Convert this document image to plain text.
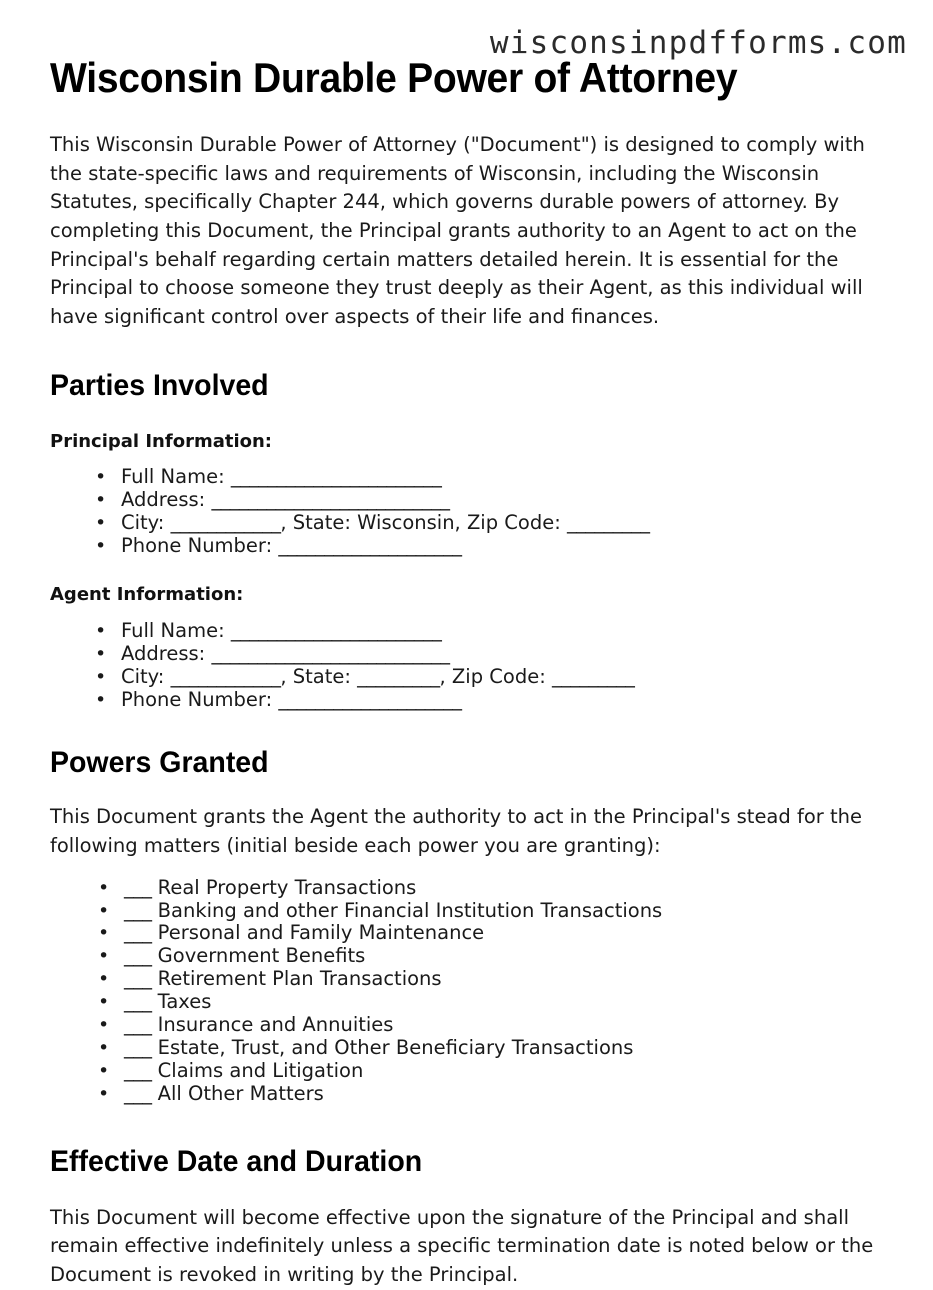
wisconsinpdfforms.com
Wisconsin Durable Power of Attorney

This Wisconsin Durable Power of Attorney ("Document") is designed to comply with the state-specific laws and requirements of Wisconsin, including the Wisconsin Statutes, specifically Chapter 244, which governs durable powers of attorney. By completing this Document, the Principal grants authority to an Agent to act on the Principal's behalf regarding certain matters detailed herein. It is essential for the Principal to choose someone they trust deeply as their Agent, as this individual will have significant control over aspects of their life and finances.

Parties Involved
Principal Information:
• Full Name: _______________________
• Address: __________________________
• City: ____________, State: Wisconsin, Zip Code: _________
• Phone Number: ____________________
Agent Information:
• Full Name: _______________________
• Address: __________________________
• City: ____________, State: _________, Zip Code: _________
• Phone Number: ____________________
Powers Granted

This Document grants the Agent the authority to act in the Principal's stead for the following matters (initial beside each power you are granting):

• ___ Real Property Transactions
• ___ Banking and other Financial Institution Transactions
• ___ Personal and Family Maintenance
• ___ Government Benefits
• ___ Retirement Plan Transactions
• ___ Taxes
• ___ Insurance and Annuities
• ___ Estate, Trust, and Other Beneficiary Transactions
• ___ Claims and Litigation
• ___ All Other Matters
Effective Date and Duration

This Document will become effective upon the signature of the Principal and shall remain effective indefinitely unless a specific termination date is noted below or the Document is revoked in writing by the Principal.
